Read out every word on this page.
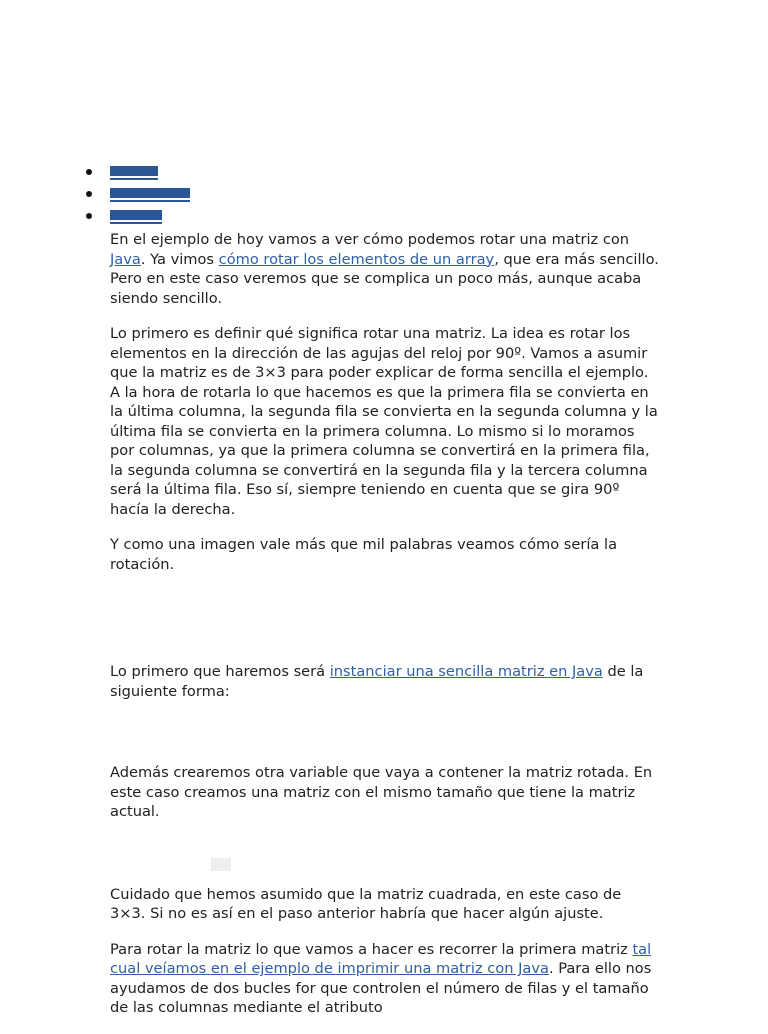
En el ejemplo de hoy vamos a ver cómo podemos rotar una matriz con Java. Ya vimos cómo rotar los elementos de un array, que era más sencillo. Pero en este caso veremos que se complica un poco más, aunque acaba siendo sencillo.

Lo primero es definir qué significa rotar una matriz. La idea es rotar los elementos en la dirección de las agujas del reloj por 90º. Vamos a asumir que la matriz es de 3×3 para poder explicar de forma sencilla el ejemplo. A la hora de rotarla lo que hacemos es que la primera fila se convierta en la última columna, la segunda fila se convierta en la segunda columna y la última fila se convierta en la primera columna. Lo mismo si lo moramos por columnas, ya que la primera columna se convertirá en la primera fila, la segunda columna se convertirá en la segunda fila y la tercera columna será la última fila. Eso sí, siempre teniendo en cuenta que se gira 90º hacía la derecha.

Y como una imagen vale más que mil palabras veamos cómo sería la rotación.

Lo primero que haremos será instanciar una sencilla matriz en Java de la siguiente forma:

Además crearemos otra variable que vaya a contener la matriz rotada. En este caso creamos una matriz con el mismo tamaño que tiene la matriz actual.

Cuidado que hemos asumido que la matriz cuadrada, en este caso de 3×3. Si no es así en el paso anterior habría que hacer algún ajuste.

Para rotar la matriz lo que vamos a hacer es recorrer la primera matriz tal cual veíamos en el ejemplo de imprimir una matriz con Java. Para ello nos ayudamos de dos bucles for que controlen el número de filas y el tamaño de las columnas mediante el atributo
